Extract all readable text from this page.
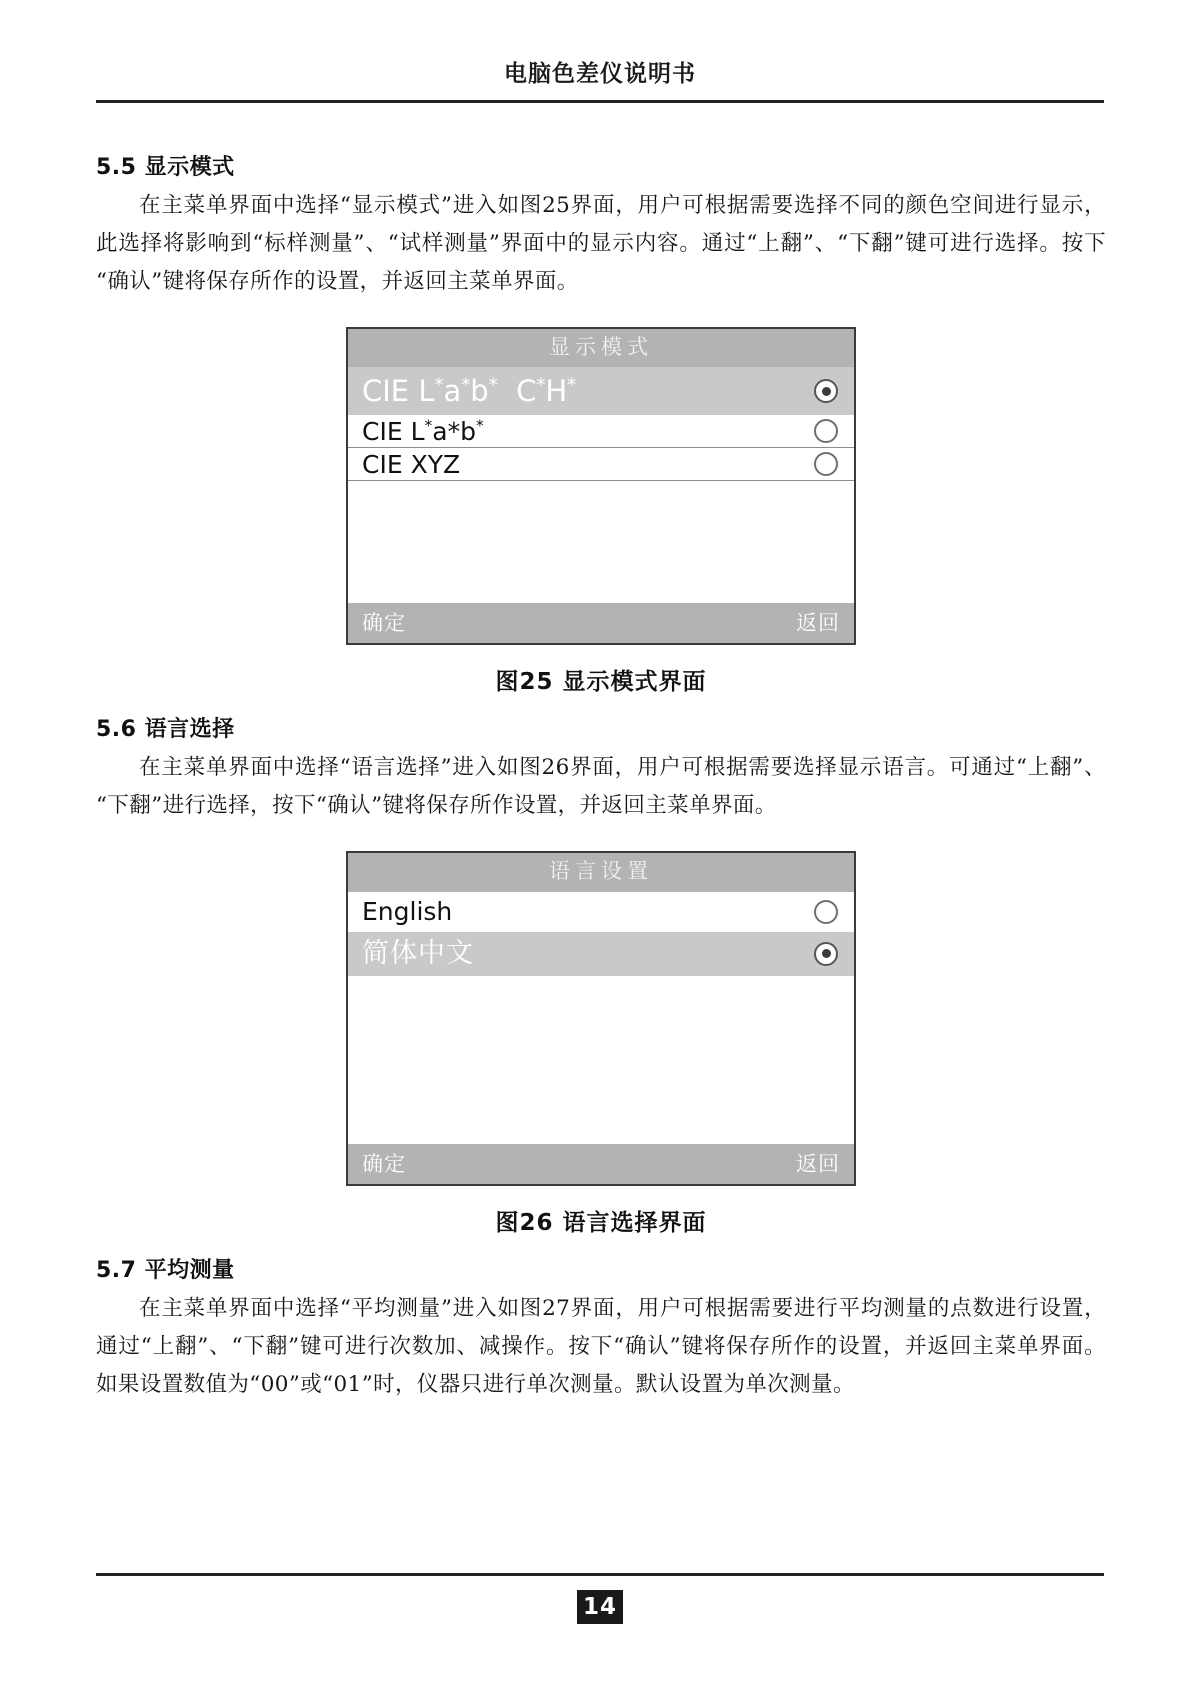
电脑色差仪说明书
5.5 显示模式

在主菜单界面中选择“显示模式”进入如图25界面，用户可根据需要选择不同的颜色空间进行显示，此选择将影响到“标样测量”、“试样测量”界面中的显示内容。通过“上翻”、“下翻”键可进行选择。按下“确认”键将保存所作的设置，并返回主菜单界面。

显示模式
CIE L*a*b*  C*H*
CIE L*a*b*
CIE XYZ
确定	返回
图25 显示模式界面
5.6 语言选择

在主菜单界面中选择“语言选择”进入如图26界面，用户可根据需要选择显示语言。可通过“上翻”、“下翻”进行选择，按下“确认”键将保存所作设置，并返回主菜单界面。

语言设置
English
简体中文
确定	返回
图26 语言选择界面
5.7 平均测量

在主菜单界面中选择“平均测量”进入如图27界面，用户可根据需要进行平均测量的点数进行设置，通过“上翻”、“下翻”键可进行次数加、减操作。按下“确认”键将保存所作的设置，并返回主菜单界面。如果设置数值为“00”或“01”时，仪器只进行单次测量。默认设置为单次测量。

14
